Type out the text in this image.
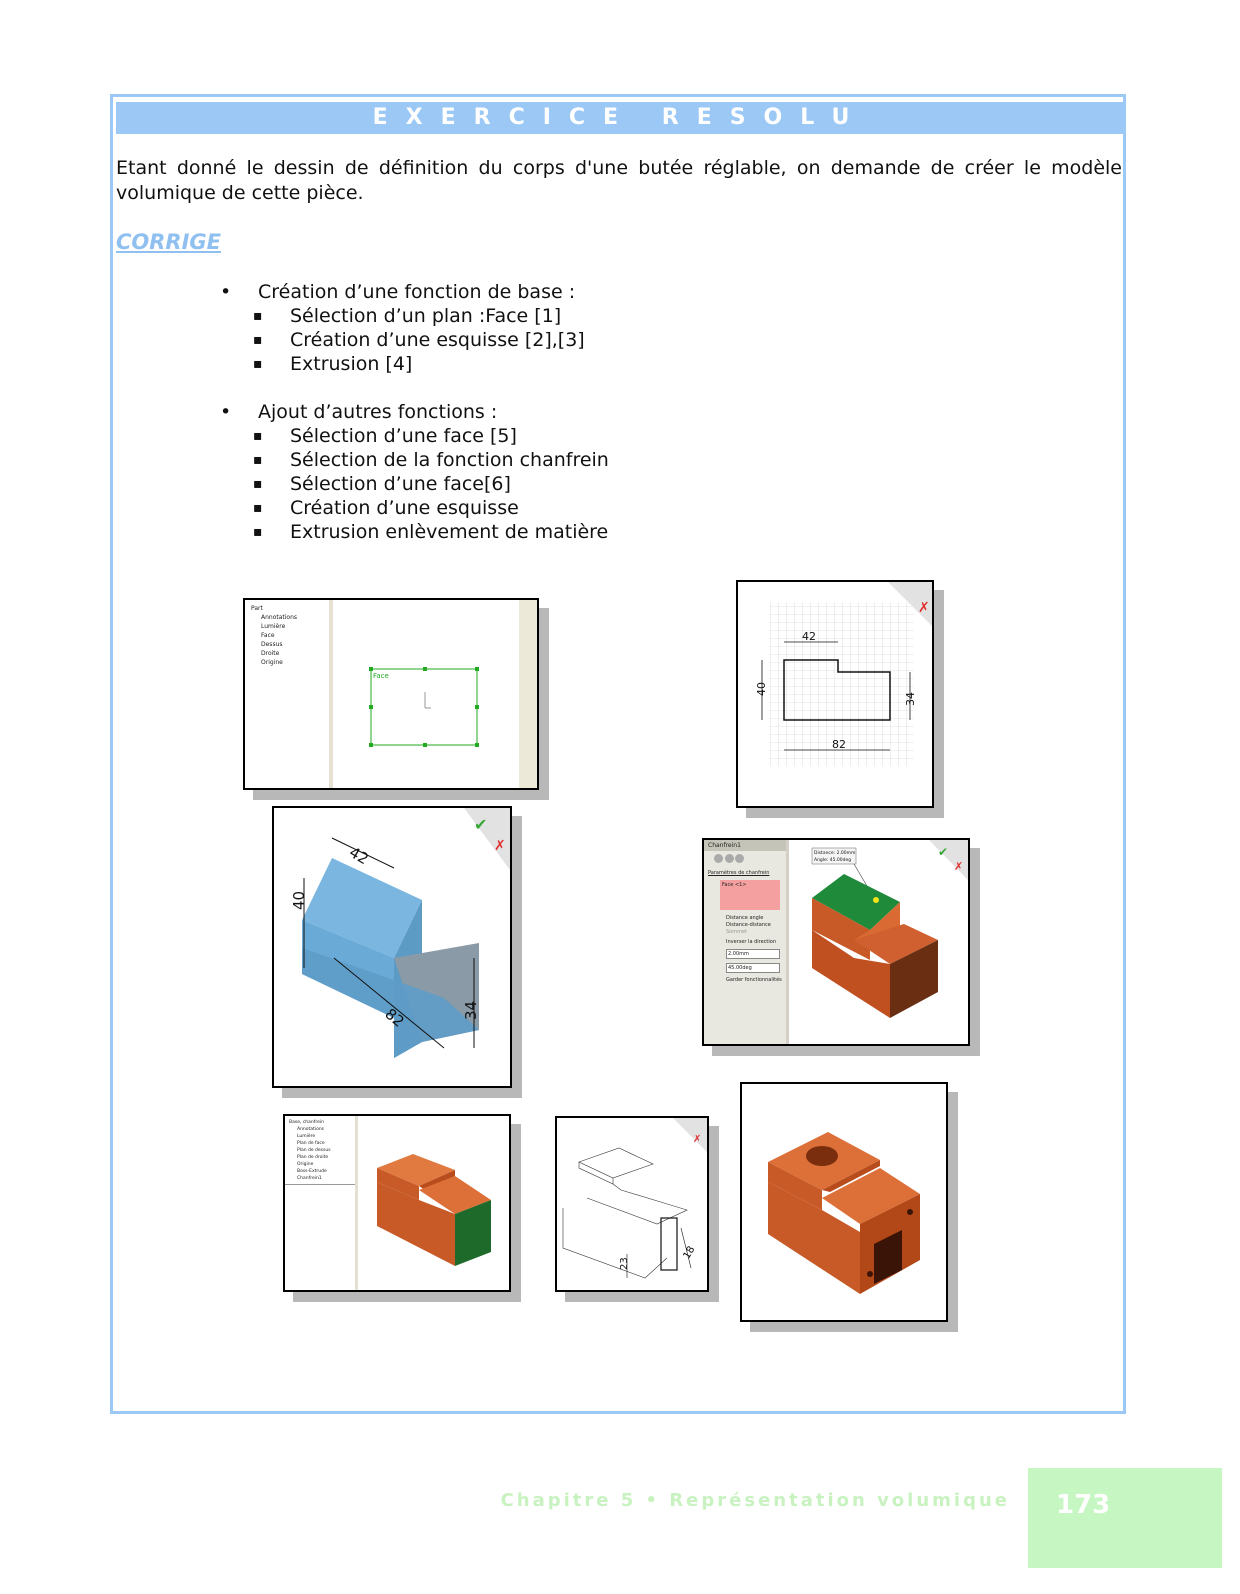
EXERCICE RESOLU
Etant donné le dessin de définition du corps d'une butée réglable, on demande de créer le modèle volumique de cette pièce.
CORRIGE
• Création d’une fonction de base :
▪ Sélection d’un plan :Face [1]
▪ Création d’une esquisse [2],[3]
▪ Extrusion [4]
• Ajout d’autres fonctions :
▪ Sélection d’une face [5]
▪ Sélection de la fonction chanfrein
▪ Sélection d’une face[6]
▪ Création d’une esquisse
▪ Extrusion enlèvement de matière
Part
Annotations
Lumière
Face
Dessus
Droite
Origine
Face
✗
42
40
34
82
✔
✗
40
42
82	34
Chanfrein1

Paramètres de chanfrein
Face <1>
Distance angle
Distance-distance
Sommet
Inverser la direction
2.00mm
45.00deg
Garder fonctionnalités
✔
✗
Distance: 2.00mm
Angle: 45.00deg
Base, chanfrein
Annotations
Lumière
Plan de face
Plan de dessus
Plan de droite
Origine
Boss-Extrude
Chanfrein1
✗
23
18
Chapitre 5 • Représentation volumique 173
